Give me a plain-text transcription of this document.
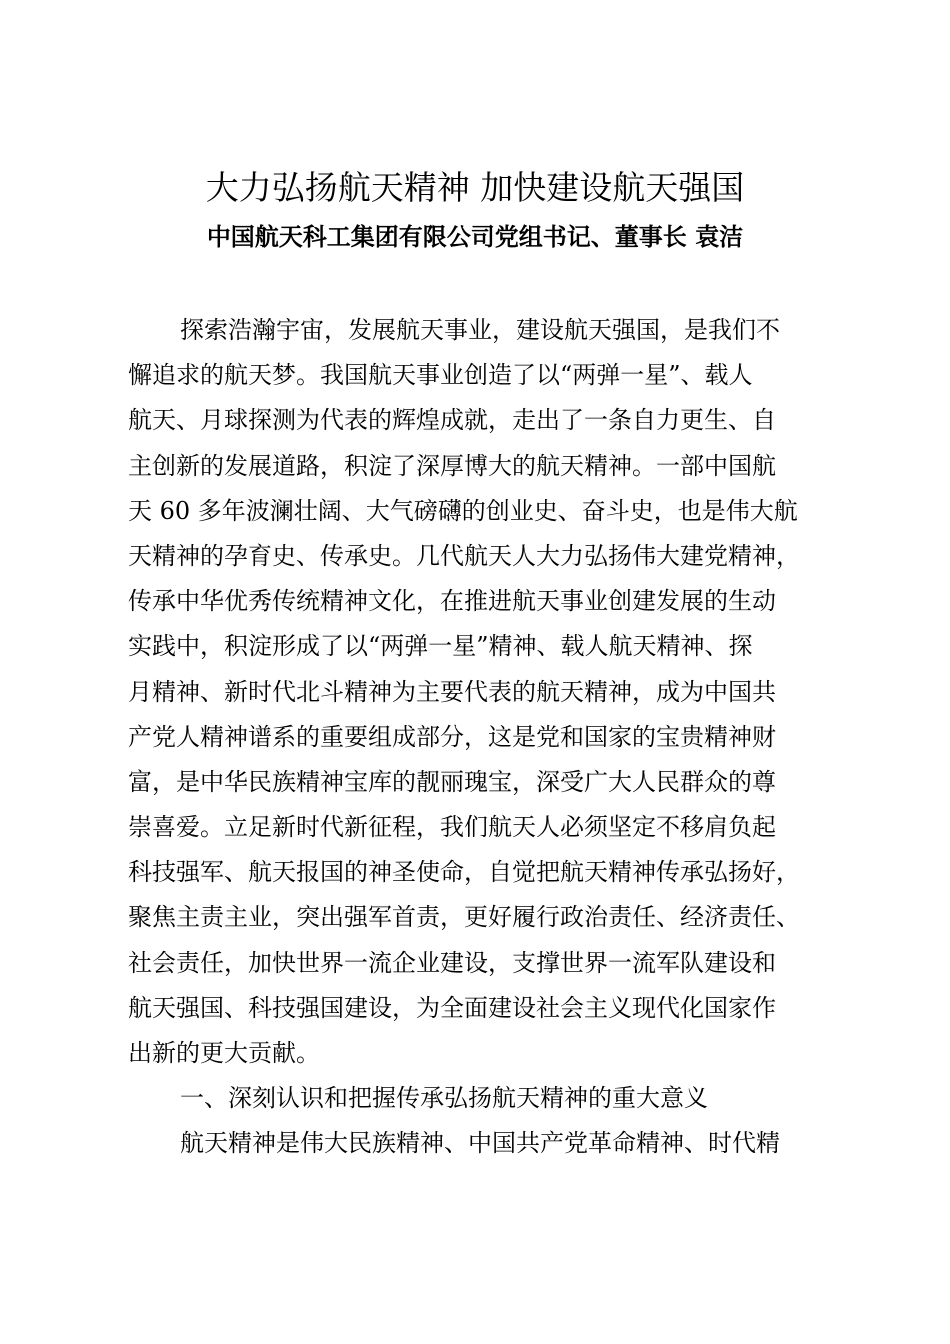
大力弘扬航天精神 加快建设航天强国
中国航天科工集团有限公司党组书记、董事长 袁洁
探索浩瀚宇宙，发展航天事业，建设航天强国，是我们不
懈追求的航天梦。我国航天事业创造了以“两弹一星”、载人
航天、月球探测为代表的辉煌成就，走出了一条自力更生、自
主创新的发展道路，积淀了深厚博大的航天精神。一部中国航
天 60 多年波澜壮阔、大气磅礴的创业史、奋斗史，也是伟大航
天精神的孕育史、传承史。几代航天人大力弘扬伟大建党精神，
传承中华优秀传统精神文化，在推进航天事业创建发展的生动
实践中，积淀形成了以“两弹一星”精神、载人航天精神、探
月精神、新时代北斗精神为主要代表的航天精神，成为中国共
产党人精神谱系的重要组成部分，这是党和国家的宝贵精神财
富，是中华民族精神宝库的靓丽瑰宝，深受广大人民群众的尊
崇喜爱。立足新时代新征程，我们航天人必须坚定不移肩负起
科技强军、航天报国的神圣使命，自觉把航天精神传承弘扬好，
聚焦主责主业，突出强军首责，更好履行政治责任、经济责任、
社会责任，加快世界一流企业建设，支撑世界一流军队建设和
航天强国、科技强国建设，为全面建设社会主义现代化国家作
出新的更大贡献。
一、深刻认识和把握传承弘扬航天精神的重大意义
航天精神是伟大民族精神、中国共产党革命精神、时代精
